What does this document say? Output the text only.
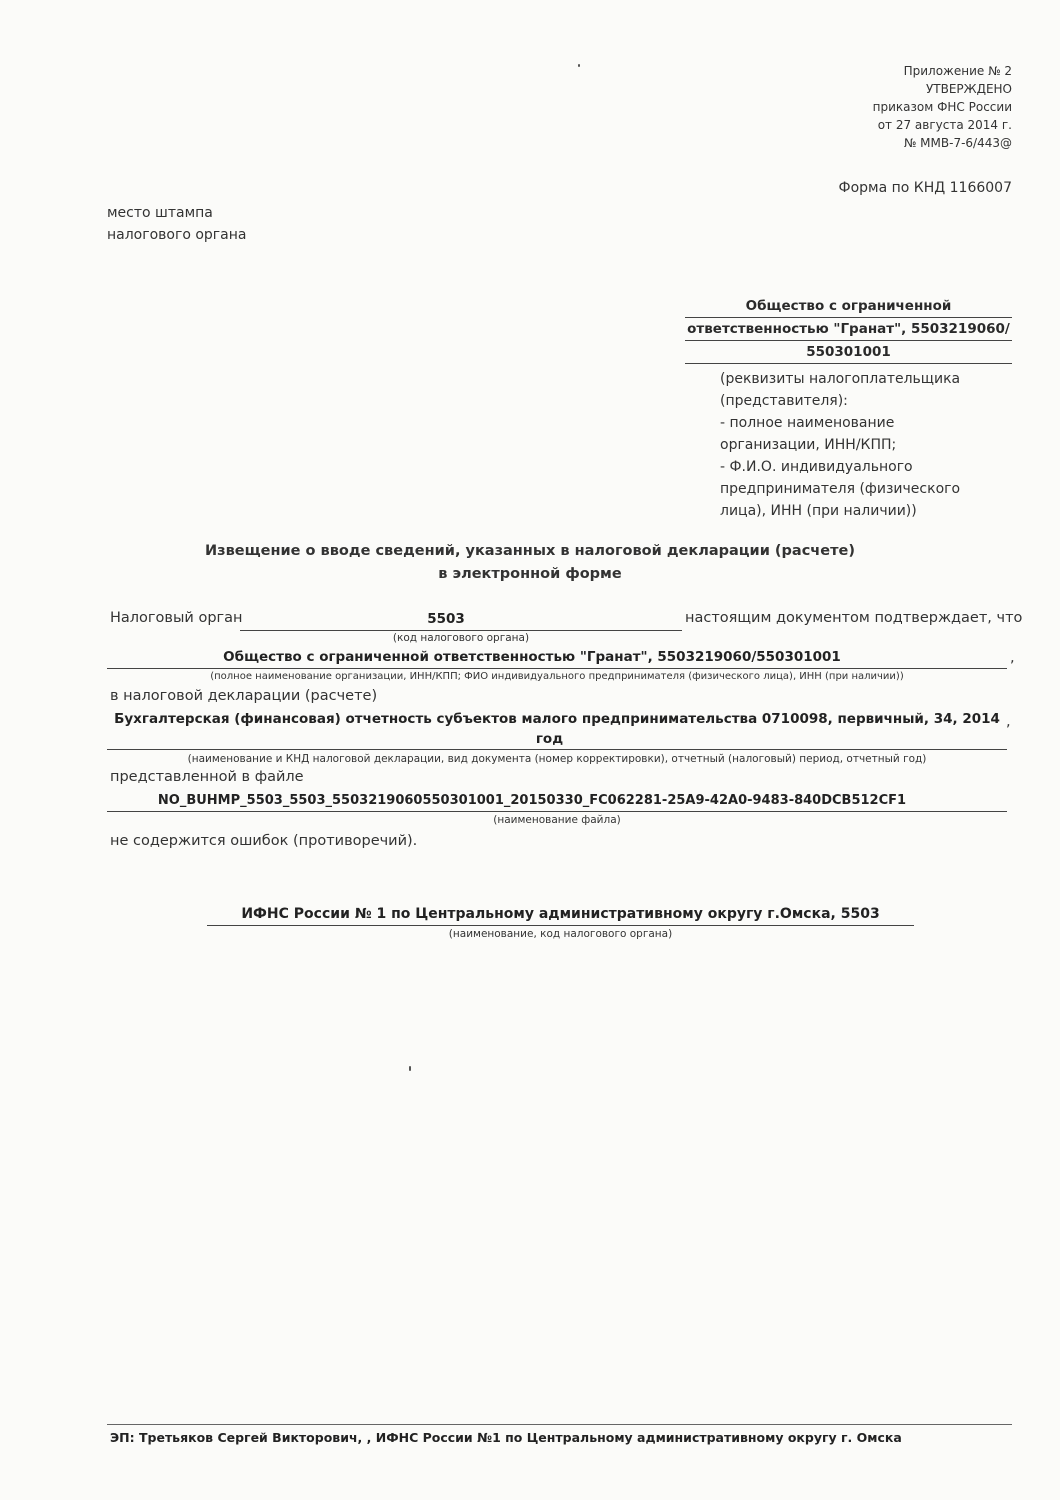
Приложение № 2
УТВЕРЖДЕНО
приказом ФНС России
от 27 августа 2014 г.
№ ММВ-7-6/443@
Форма по КНД 1166007
место штампа
налогового органа
Общество с ограниченной
ответственностью "Гранат", 5503219060/
550301001
(реквизиты налогоплательщика
(представителя):
- полное наименование
организации, ИНН/КПП;
- Ф.И.О. индивидуального
предпринимателя (физического
лица), ИНН (при наличии))
Извещение о вводе сведений, указанных в налоговой декларации (расчете)
в электронной форме
Налоговый орган	5503	настоящим документом подтверждает, что
(код налогового органа)
Общество с ограниченной ответственностью "Гранат", 5503219060/550301001	,
(полное наименование организации, ИНН/КПП; ФИО индивидуального предпринимателя (физического лица), ИНН (при наличии))
в налоговой декларации (расчете)
Бухгалтерская (финансовая) отчетность субъектов малого предпринимательства 0710098, первичный, 34, 2014
год
,
(наименование и КНД налоговой декларации, вид документа (номер корректировки), отчетный (налоговый) период, отчетный год)
представленной в файле
NO_BUHMP_5503_5503_5503219060550301001_20150330_FC062281-25A9-42A0-9483-840DCB512CF1
(наименование файла)
не содержится ошибок (противоречий).
ИФНС России № 1 по Центральному административному округу г.Омска, 5503
(наименование, код налогового органа)
ЭП: Третьяков Сергей Викторович, , ИФНС России №1 по Центральному административному округу г. Омска
